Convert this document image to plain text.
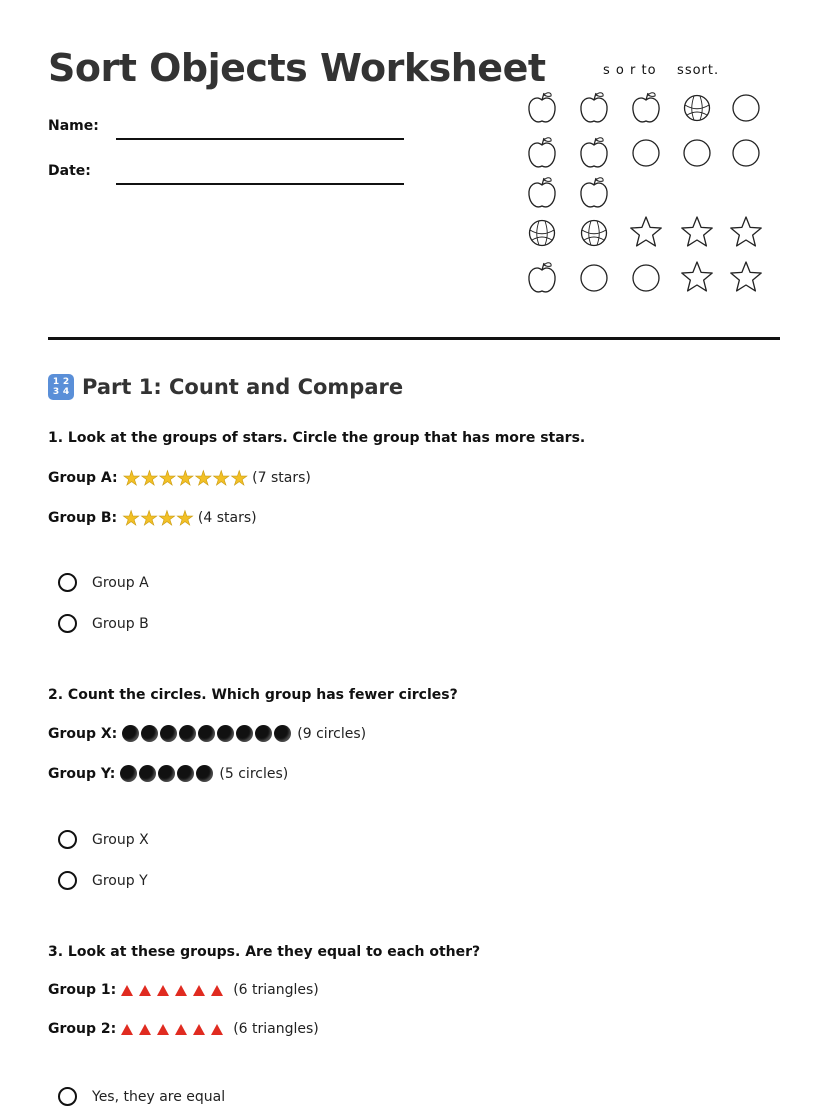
Sort Objects Worksheet
Name:
Date:
s o r to    ssort.
1 2
3 4 Part 1: Count and Compare
1. Look at the groups of stars. Circle the group that has more stars.
Group A: ★ ★ ★ ★ ★ ★ ★ (7 stars)
Group B: ★ ★ ★ ★ (4 stars)
Group A
Group B
2. Count the circles. Which group has fewer circles?
Group X:	(9 circles)
Group Y:	(5 circles)
Group X
Group Y
3. Look at these groups. Are they equal to each other?
Group 1:	(6 triangles)
Group 2:	(6 triangles)
Yes, they are equal
